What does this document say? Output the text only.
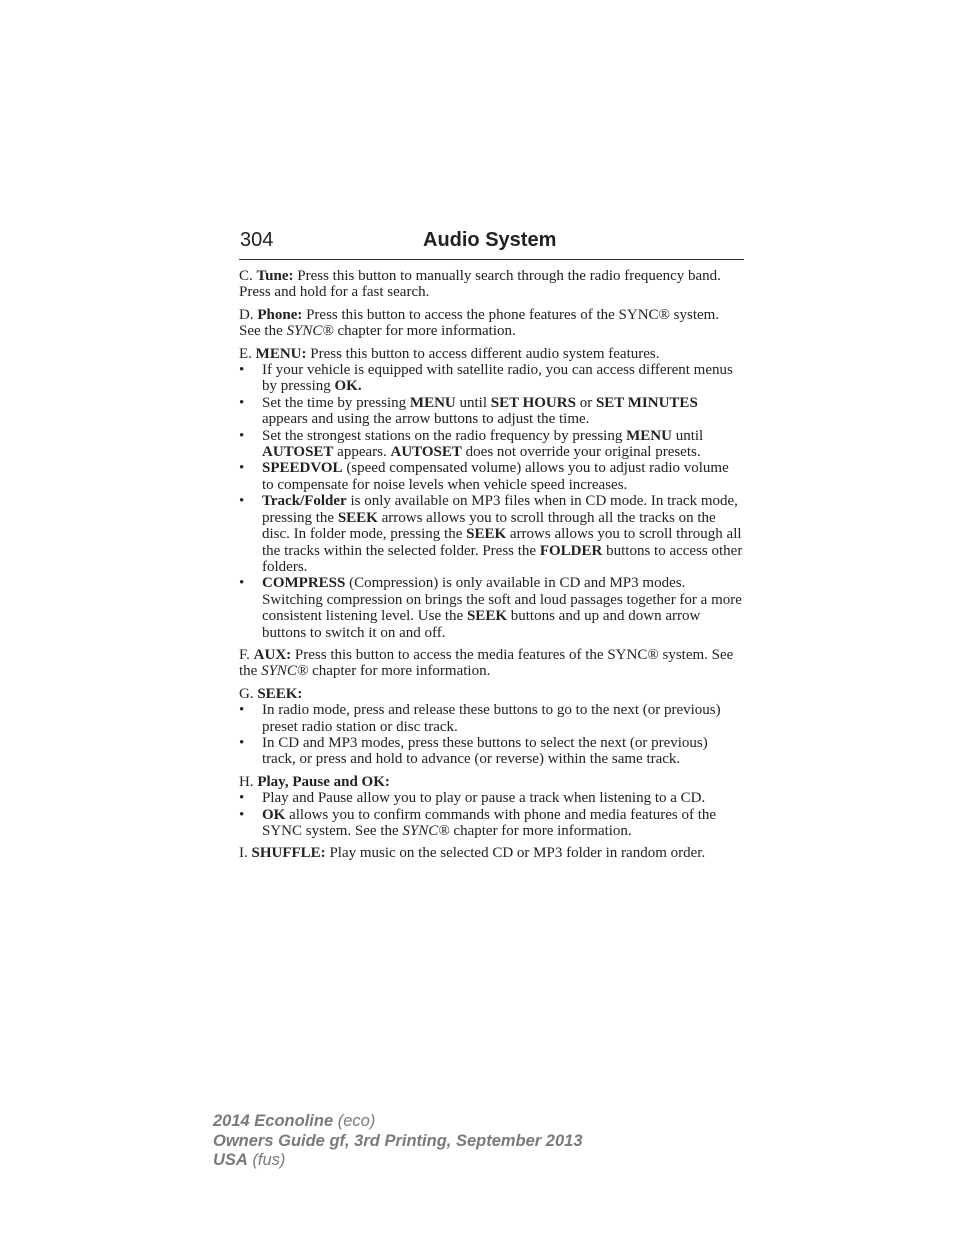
304	Audio System

C. Tune: Press this button to manually search through the radio frequency band. Press and hold for a fast search.

D. Phone: Press this button to access the phone features of the SYNC® system. See the SYNC® chapter for more information.

E. MENU: Press this button to access different audio system features.

• If your vehicle is equipped with satellite radio, you can access different menus by pressing OK.
• Set the time by pressing MENU until SET HOURS or SET MINUTES appears and using the arrow buttons to adjust the time.
• Set the strongest stations on the radio frequency by pressing MENU until AUTOSET appears. AUTOSET does not override your original presets.
• SPEEDVOL (speed compensated volume) allows you to adjust radio volume to compensate for noise levels when vehicle speed increases.
• Track/Folder is only available on MP3 files when in CD mode. In track mode, pressing the SEEK arrows allows you to scroll through all the tracks on the disc. In folder mode, pressing the SEEK arrows allows you to scroll through all the tracks within the selected folder. Press the FOLDER buttons to access other folders.
• COMPRESS (Compression) is only available in CD and MP3 modes. Switching compression on brings the soft and loud passages together for a more consistent listening level. Use the SEEK buttons and up and down arrow buttons to switch it on and off.

F. AUX: Press this button to access the media features of the SYNC® system. See the SYNC® chapter for more information.

G. SEEK:

• In radio mode, press and release these buttons to go to the next (or previous) preset radio station or disc track.
• In CD and MP3 modes, press these buttons to select the next (or previous) track, or press and hold to advance (or reverse) within the same track.

H. Play, Pause and OK:

• Play and Pause allow you to play or pause a track when listening to a CD.
• OK allows you to confirm commands with phone and media features of the SYNC system. See the SYNC® chapter for more information.

I. SHUFFLE: Play music on the selected CD or MP3 folder in random order.

2014 Econoline (eco)
Owners Guide gf, 3rd Printing, September 2013
USA (fus)
